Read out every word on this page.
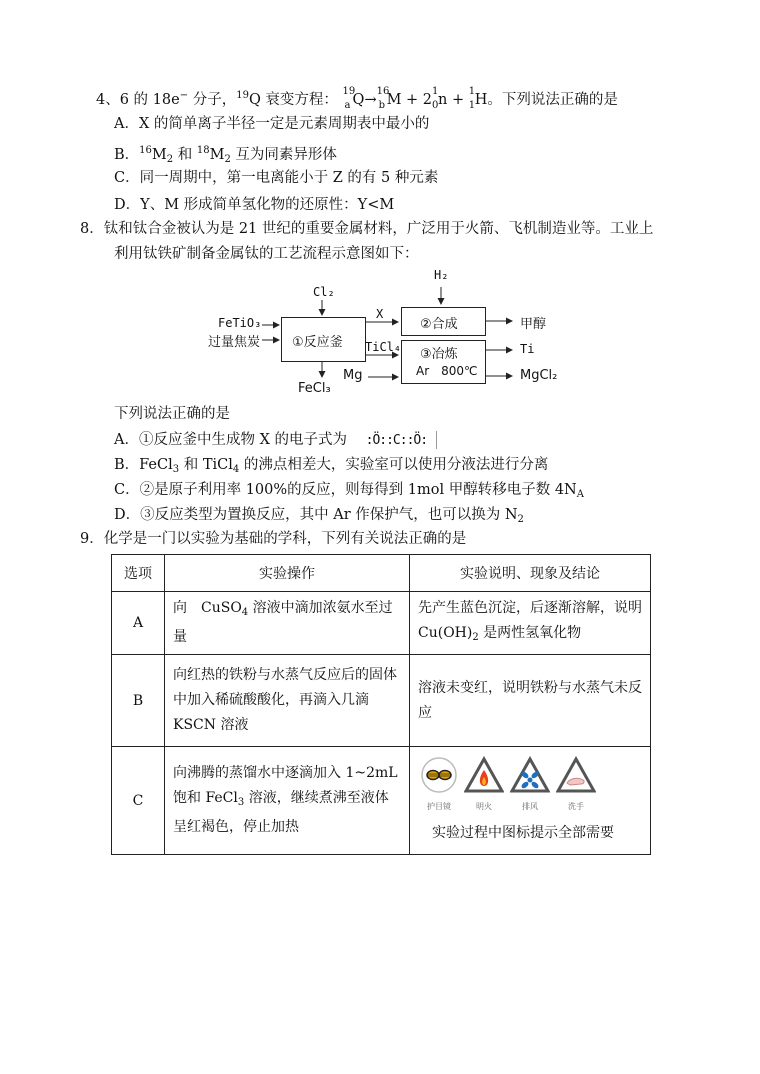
4、6 的 18e− 分子，$^{19}$Q 衰变方程：
19
a Q→
16
b M + 2
1
0 n +
1
1 H。下列说法正确的是
A．X 的简单离子半径一定是元素周期表中最小的
B．$^{16}M_2$ 和 $^{18}M_2$ 互为同素异形体
C．同一周期中，第一电离能小于 Z 的有 5 种元素
D．Y、M 形成简单氢化物的还原性：Y<M
8．钛和钛合金被认为是 21 世纪的重要金属材料，广泛用于火箭、飞机制造业等。工业上
利用钛铁矿制备金属钛的工艺流程示意图如下：
Cl₂
H₂
FeTiO₃
过量焦炭 ①反应釜
X
TiCl₄
②合成
③冶炼
Ar　800℃
Mg
FeCl₃
甲醇
Ti
MgCl₂
下列说法正确的是
A．①反应釜中生成物 X 的电子式为 :Ö::C::Ö:
B．FeCl$_3$ 和 TiCl$_4$ 的沸点相差大，实验室可以使用分液法进行分离
C．②是原子利用率 100%的反应，则每得到 1mol 甲醇转移电子数 $4N_A$
D．③反应类型为置换反应，其中 Ar 作保护气，也可以换为 $N_2$
9．化学是一门以实验为基础的学科，下列有关说法正确的是
选项	实验操作	实验说明、现象及结论
A	向　CuSO$_4$ 溶液中滴加浓氨水至过量	先产生蓝色沉淀，后逐渐溶解，说明 $Cu(OH)_2$ 是两性氢氧化物
B	向红热的铁粉与水蒸气反应后的固体中加入稀硫酸酸化，再滴入几滴 KSCN 溶液	溶液未变红，说明铁粉与水蒸气未反应
C	向沸腾的蒸馏水中逐滴加入 1~2mL 饱和 FeCl$_3$ 溶液，继续煮沸至液体呈红褐色，停止加热	护目镜 明火 排风 洗手
实验过程中图标提示全部需要
